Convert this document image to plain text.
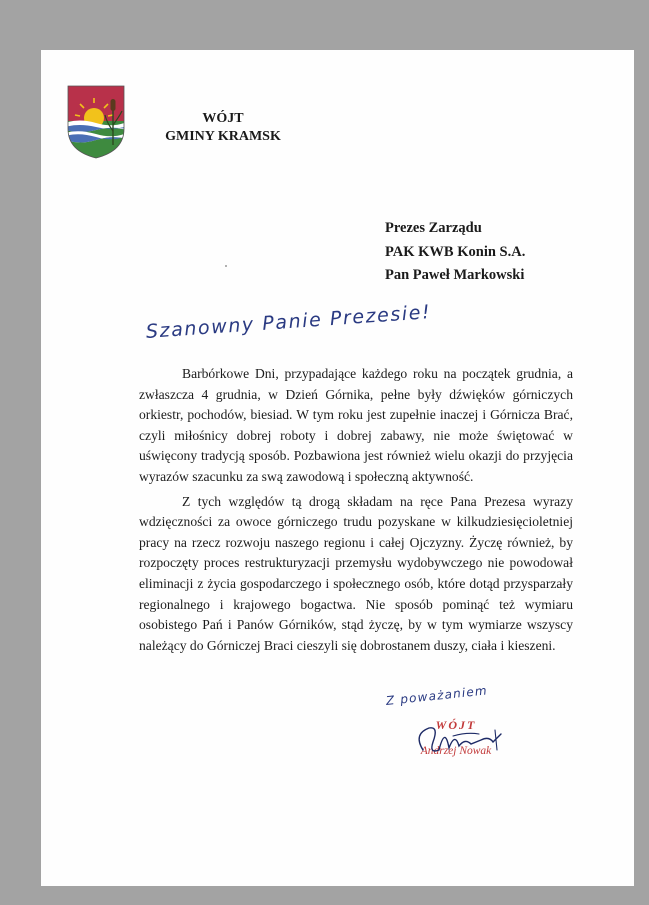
WÓJT
GMINY KRAMSK
Prezes Zarządu
PAK KWB Konin S.A.
Pan Paweł Markowski
Szanowny Panie Prezesie!

Barbórkowe Dni, przypadające każdego roku na początek grudnia, a zwłaszcza 4 grudnia, w Dzień Górnika, pełne były dźwięków górniczych orkiestr, pochodów, biesiad. W tym roku jest zupełnie inaczej i Górnicza Brać, czyli miłośnicy dobrej roboty i dobrej zabawy, nie może świętować w uświęcony tradycją sposób. Pozbawiona jest również wielu okazji do przyjęcia wyrazów szacunku za swą zawodową i społeczną aktywność.

Z tych względów tą drogą składam na ręce Pana Prezesa wyrazy wdzięczności za owoce górniczego trudu pozyskane w kilkudziesięcioletniej pracy na rzecz rozwoju naszego regionu i całej Ojczyzny. Życzę również, by rozpoczęty proces restrukturyzacji przemysłu wydobywczego nie powodował eliminacji z życia gospodarczego i społecznego osób, które dotąd przysparzały regionalnego i krajowego bogactwa. Nie sposób pominąć też wymiaru osobistego Pań i Panów Górników, stąd życzę, by w tym wymiarze wszyscy należący do Górniczej Braci cieszyli się dobrostanem duszy, ciała i kieszeni.

Z poważaniem
WÓJT
Andrzej Nowak
